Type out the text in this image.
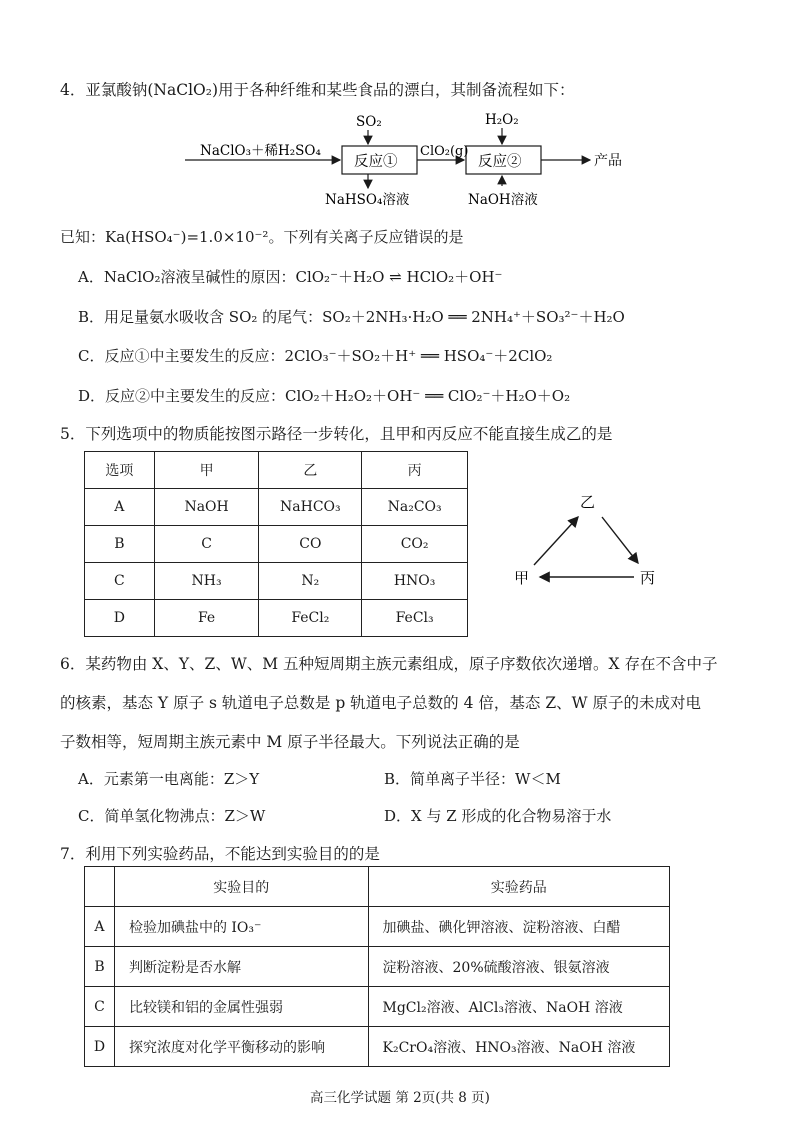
4．亚氯酸钠(NaClO₂)用于各种纤维和某些食品的漂白，其制备流程如下：
NaClO₃＋稀H₂SO₄
SO₂
反应①
NaHSO₄溶液
ClO₂(g)
H₂O₂
反应②
NaOH溶液
产品
已知：Ka(HSO₄⁻)=1.0×10⁻²。下列有关离子反应错误的是
A．NaClO₂溶液呈碱性的原因：ClO₂⁻＋H₂O ⇌ HClO₂＋OH⁻
B．用足量氨水吸收含 SO₂ 的尾气：SO₂＋2NH₃·H₂O ══ 2NH₄⁺＋SO₃²⁻＋H₂O
C．反应①中主要发生的反应：2ClO₃⁻＋SO₂＋H⁺ ══ HSO₄⁻＋2ClO₂
D．反应②中主要发生的反应：ClO₂＋H₂O₂＋OH⁻ ══ ClO₂⁻＋H₂O＋O₂
5．下列选项中的物质能按图示路径一步转化，且甲和丙反应不能直接生成乙的是
选项	甲	乙	丙
A	NaOH	NaHCO₃	Na₂CO₃
B	C	CO	CO₂
C	NH₃	N₂	HNO₃
D	Fe	FeCl₂	FeCl₃
乙
甲	丙
6．某药物由 X、Y、Z、W、M 五种短周期主族元素组成，原子序数依次递增。X 存在不含中子
的核素，基态 Y 原子 s 轨道电子总数是 p 轨道电子总数的 4 倍，基态 Z、W 原子的未成对电
子数相等，短周期主族元素中 M 原子半径最大。下列说法正确的是
A．元素第一电离能：Z＞Y	B．简单离子半径：W＜M
C．简单氢化物沸点：Z＞W	D．X 与 Z 形成的化合物易溶于水
7．利用下列实验药品，不能达到实验目的的是
	实验目的	实验药品
A	检验加碘盐中的 IO₃⁻	加碘盐、碘化钾溶液、淀粉溶液、白醋
B	判断淀粉是否水解	淀粉溶液、20%硫酸溶液、银氨溶液
C	比较镁和铝的金属性强弱	MgCl₂溶液、AlCl₃溶液、NaOH 溶液
D	探究浓度对化学平衡移动的影响	K₂CrO₄溶液、HNO₃溶液、NaOH 溶液
高三化学试题 第 2页(共 8 页)
